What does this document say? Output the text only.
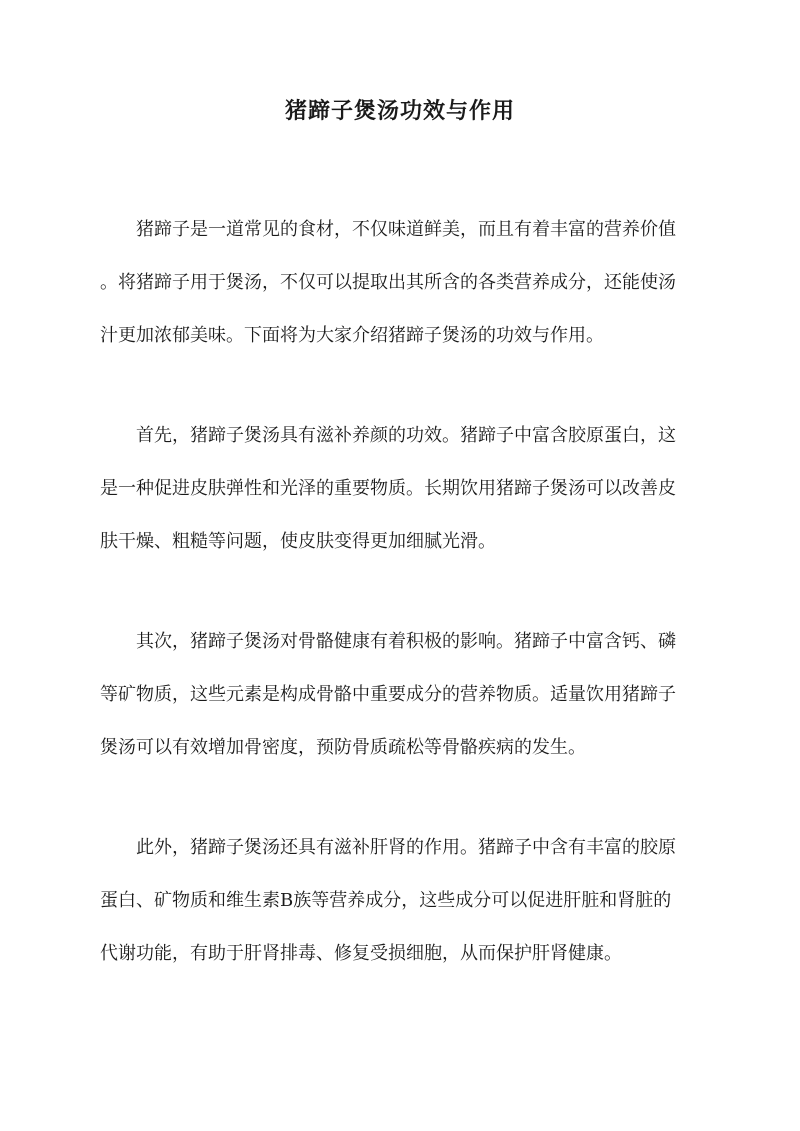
猪蹄子煲汤功效与作用

猪蹄子是一道常见的食材，不仅味道鲜美，而且有着丰富的营养价值
。将猪蹄子用于煲汤，不仅可以提取出其所含的各类营养成分，还能使汤
汁更加浓郁美味。下面将为大家介绍猪蹄子煲汤的功效与作用。

首先，猪蹄子煲汤具有滋补养颜的功效。猪蹄子中富含胶原蛋白，这
是一种促进皮肤弹性和光泽的重要物质。长期饮用猪蹄子煲汤可以改善皮
肤干燥、粗糙等问题，使皮肤变得更加细腻光滑。

其次，猪蹄子煲汤对骨骼健康有着积极的影响。猪蹄子中富含钙、磷
等矿物质，这些元素是构成骨骼中重要成分的营养物质。适量饮用猪蹄子
煲汤可以有效增加骨密度，预防骨质疏松等骨骼疾病的发生。

此外，猪蹄子煲汤还具有滋补肝肾的作用。猪蹄子中含有丰富的胶原
蛋白、矿物质和维生素B族等营养成分，这些成分可以促进肝脏和肾脏的
代谢功能，有助于肝肾排毒、修复受损细胞，从而保护肝肾健康。
